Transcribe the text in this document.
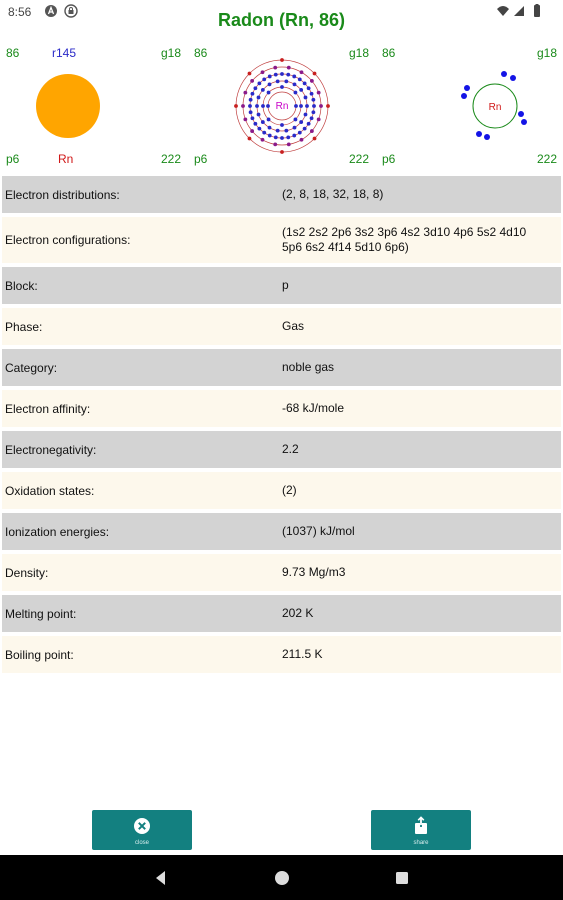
8:56	Radon (Rn, 86)
86	r145	g18
p6	Rn	222
86	g18
p6	222
Rn
86	g18
p6	222
Rn
Electron distributions:	(2, 8, 18, 32, 18, 8)
Electron configurations:
(1s2 2s2 2p6 3s2 3p6 4s2 3d10 4p6 5s2 4d10 5p6 6s2 4f14 5d10 6p6)
Block:	p
Phase:	Gas
Category:	noble gas
Electron affinity:	-68 kJ/mole
Electronegativity:	2.2
Oxidation states:	(2)
Ionization energies:	(1037) kJ/mol
Density:	9.73 Mg/m3
Melting point:	202 K
Boiling point:	211.5 K
close	share
